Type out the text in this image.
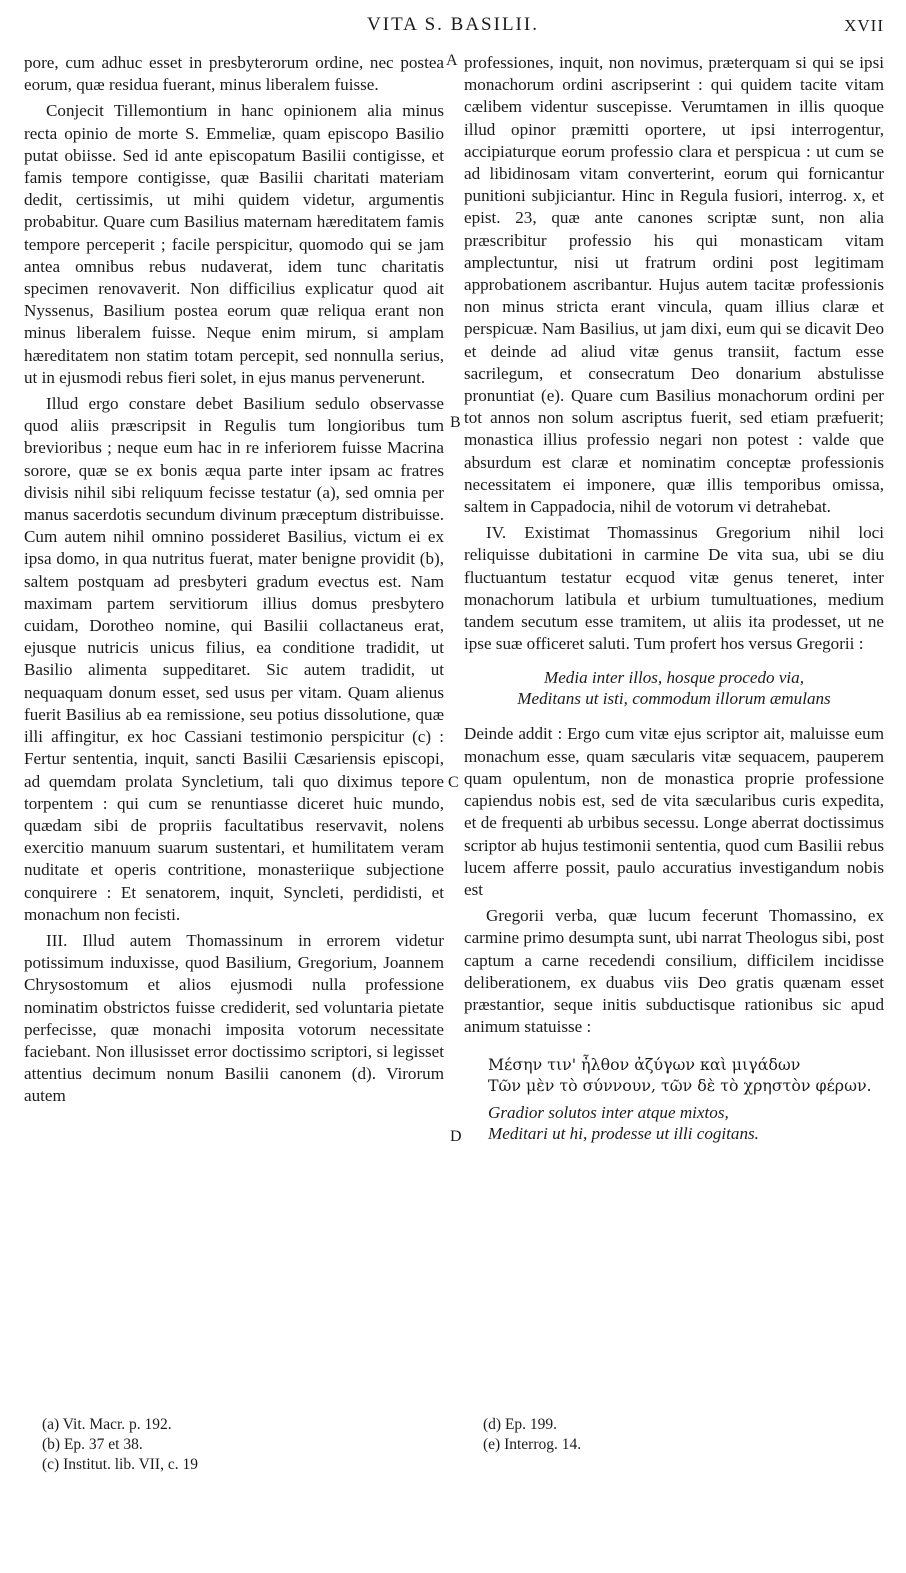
VITA S. BASILII.	XVII
A
B
C
D

pore, cum adhuc esset in presbyterorum ordine, nec postea eorum, quæ residua fuerant, minus liberalem fuisse.

Conjecit Tillemontium in hanc opinionem alia minus recta opinio de morte S. Emmeliæ, quam episcopo Basilio putat obiisse. Sed id ante episcopatum Basilii contigisse, et famis tempore contigisse, quæ Basilii charitati materiam dedit, certissimis, ut mihi quidem videtur, argumentis probabitur. Quare cum Basilius maternam hæreditatem famis tempore perceperit ; facile perspicitur, quomodo qui se jam antea omnibus rebus nudaverat, idem tunc charitatis specimen renovaverit. Non difficilius explicatur quod ait Nyssenus, Basilium postea eorum quæ reliqua erant non minus liberalem fuisse. Neque enim mirum, si amplam hæreditatem non statim totam percepit, sed nonnulla serius, ut in ejusmodi rebus fieri solet, in ejus manus pervenerunt.

Illud ergo constare debet Basilium sedulo observasse quod aliis præscripsit in Regulis tum longioribus tum brevioribus ; neque eum hac in re inferiorem fuisse Macrina sorore, quæ se ex bonis æqua parte inter ipsam ac fratres divisis nihil sibi reliquum fecisse testatur (a), sed omnia per manus sacerdotis secundum divinum præceptum distribuisse. Cum autem nihil omnino possideret Basilius, victum ei ex ipsa domo, in qua nutritus fuerat, mater benigne providit (b), saltem postquam ad presbyteri gradum evectus est. Nam maximam partem servitiorum illius domus presbytero cuidam, Dorotheo nomine, qui Basilii collactaneus erat, ejusque nutricis unicus filius, ea conditione tradidit, ut Basilio alimenta suppeditaret. Sic autem tradidit, ut nequaquam donum esset, sed usus per vitam. Quam alienus fuerit Basilius ab ea remissione, seu potius dissolutione, quæ illi affingitur, ex hoc Cassiani testimonio perspicitur (c) : Fertur sententia, inquit, sancti Basilii Cæsariensis episcopi, ad quemdam prolata Syncletium, tali quo diximus tepore torpentem : qui cum se renuntiasse diceret huic mundo, quædam sibi de propriis facultatibus reservavit, nolens exercitio manuum suarum sustentari, et humilitatem veram nuditate et operis contritione, monasteriique subjectione conquirere : Et senatorem, inquit, Syncleti, perdidisti, et monachum non fecisti.

III. Illud autem Thomassinum in errorem videtur potissimum induxisse, quod Basilium, Gregorium, Joannem Chrysostomum et alios ejusmodi nulla professione nominatim obstrictos fuisse crediderit, sed voluntaria pietate perfecisse, quæ monachi imposita votorum necessitate faciebant. Non illusisset error doctissimo scriptori, si legisset attentius decimum nonum Basilii canonem (d). Virorum autem

professiones, inquit, non novimus, præterquam si qui se ipsi monachorum ordini ascripserint : qui quidem tacite vitam cælibem videntur suscepisse. Verumtamen in illis quoque illud opinor præmitti oportere, ut ipsi interrogentur, accipiaturque eorum professio clara et perspicua : ut cum se ad libidinosam vitam converterint, eorum qui fornicantur punitioni subjiciantur. Hinc in Regula fusiori, interrog. x, et epist. 23, quæ ante canones scriptæ sunt, non alia præscribitur professio his qui monasticam vitam amplectuntur, nisi ut fratrum ordini post legitimam approbationem ascribantur. Hujus autem tacitæ professionis non minus stricta erant vincula, quam illius claræ et perspicuæ. Nam Basilius, ut jam dixi, eum qui se dicavit Deo et deinde ad aliud vitæ genus transiit, factum esse sacrilegum, et consecratum Deo donarium abstulisse pronuntiat (e). Quare cum Basilius monachorum ordini per tot annos non solum ascriptus fuerit, sed etiam præfuerit; monastica illius professio negari non potest : valde que absurdum est claræ et nominatim conceptæ professionis necessitatem ei imponere, quæ illis temporibus omissa, saltem in Cappadocia, nihil de votorum vi detrahebat.

IV. Existimat Thomassinus Gregorium nihil loci reliquisse dubitationi in carmine De vita sua, ubi se diu fluctuantum testatur ecquod vitæ genus teneret, inter monachorum latibula et urbium tumultuationes, medium tandem secutum esse tramitem, ut aliis ita prodesset, ut ne ipse suæ officeret saluti. Tum profert hos versus Gregorii :

Media inter illos, hosque procedo via,
Meditans ut isti, commodum illorum æmulans

Deinde addit : Ergo cum vitæ ejus scriptor ait, maluisse eum monachum esse, quam sæcularis vitæ sequacem, pauperem quam opulentum, non de monastica proprie professione capiendus nobis est, sed de vita sæcularibus curis expedita, et de frequenti ab urbibus secessu. Longe aberrat doctissimus scriptor ab hujus testimonii sententia, quod cum Basilii rebus lucem afferre possit, paulo accuratius investigandum nobis est

Gregorii verba, quæ lucum fecerunt Thomassino, ex carmine primo desumpta sunt, ubi narrat Theologus sibi, post captum a carne recedendi consilium, difficilem incidisse deliberationem, ex duabus viis Deo gratis quænam esset præstantior, seque initis subductisque rationibus sic apud animum statuisse :

Μέσην τιν' ἦλθον ἀζύγων καὶ μιγάδων
Τῶν μὲν τὸ σύννουν, τῶν δὲ τὸ χρηστὸν φέρων.
Gradior solutos inter atque mixtos,
Meditari ut hi, prodesse ut illi cogitans.
(a) Vit. Macr. p. 192.
(b) Ep. 37 et 38.
(c) Institut. lib. VII, c. 19
(d) Ep. 199.
(e) Interrog. 14.
